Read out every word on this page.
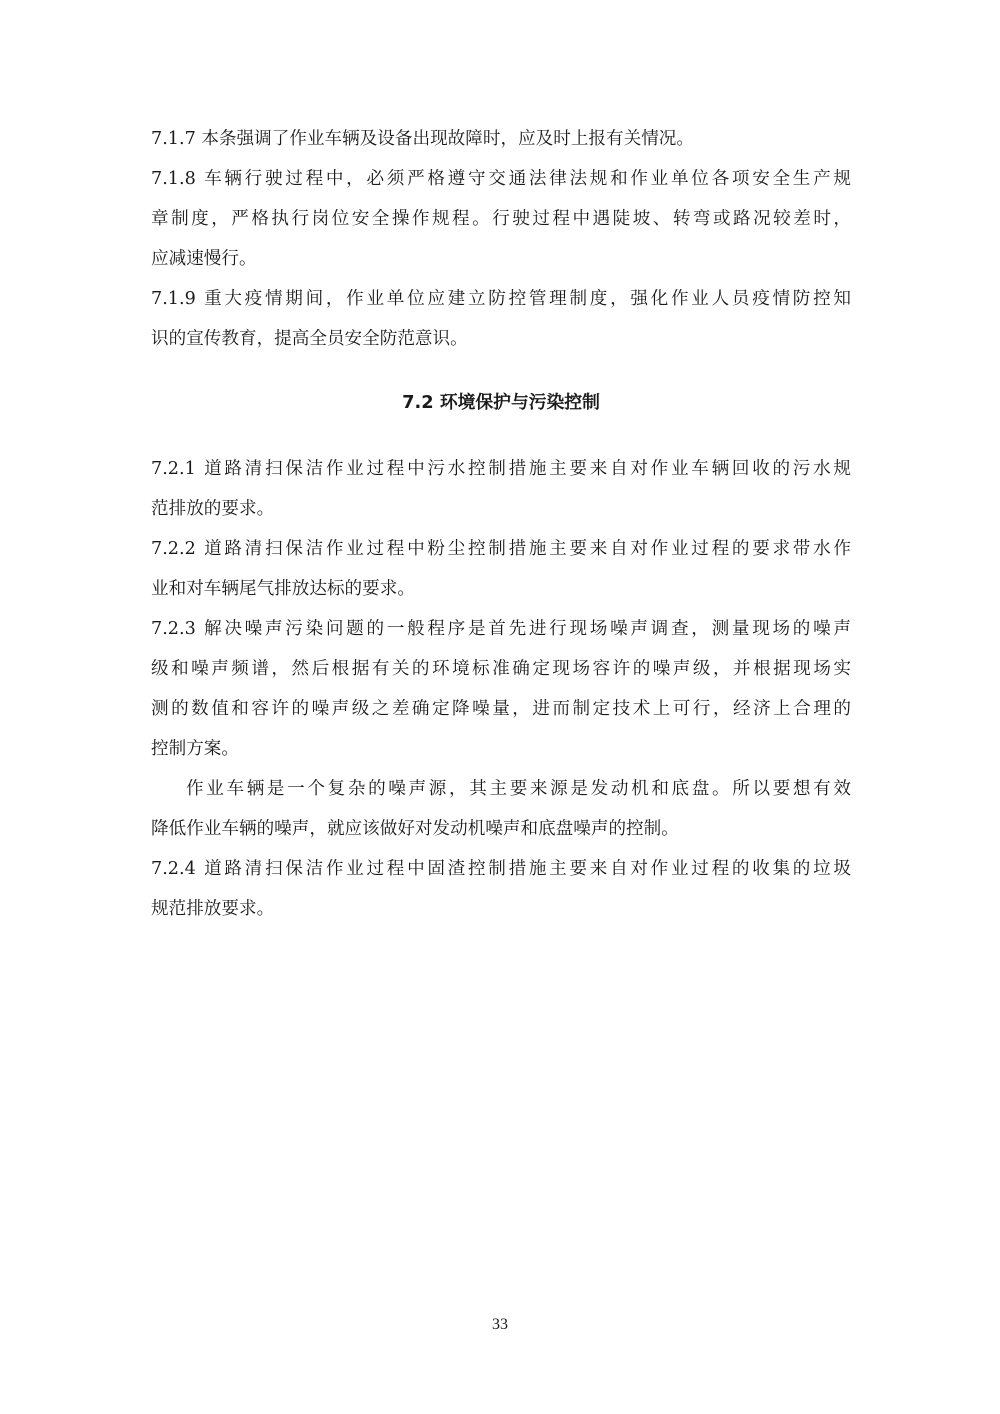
7.1.7 本条强调了作业车辆及设备出现故障时，应及时上报有关情况。
7.1.8 车辆行驶过程中，必须严格遵守交通法律法规和作业单位各项安全生产规
章制度，严格执行岗位安全操作规程。行驶过程中遇陡坡、转弯或路况较差时，
应减速慢行。
7.1.9 重大疫情期间，作业单位应建立防控管理制度，强化作业人员疫情防控知
识的宣传教育，提高全员安全防范意识。
7.2 环境保护与污染控制
7.2.1 道路清扫保洁作业过程中污水控制措施主要来自对作业车辆回收的污水规
范排放的要求。
7.2.2 道路清扫保洁作业过程中粉尘控制措施主要来自对作业过程的要求带水作
业和对车辆尾气排放达标的要求。
7.2.3 解决噪声污染问题的一般程序是首先进行现场噪声调查，测量现场的噪声
级和噪声频谱，然后根据有关的环境标准确定现场容许的噪声级，并根据现场实
测的数值和容许的噪声级之差确定降噪量，进而制定技术上可行，经济上合理的
控制方案。
作业车辆是一个复杂的噪声源，其主要来源是发动机和底盘。所以要想有效
降低作业车辆的噪声，就应该做好对发动机噪声和底盘噪声的控制。
7.2.4 道路清扫保洁作业过程中固渣控制措施主要来自对作业过程的收集的垃圾
规范排放要求。
33
